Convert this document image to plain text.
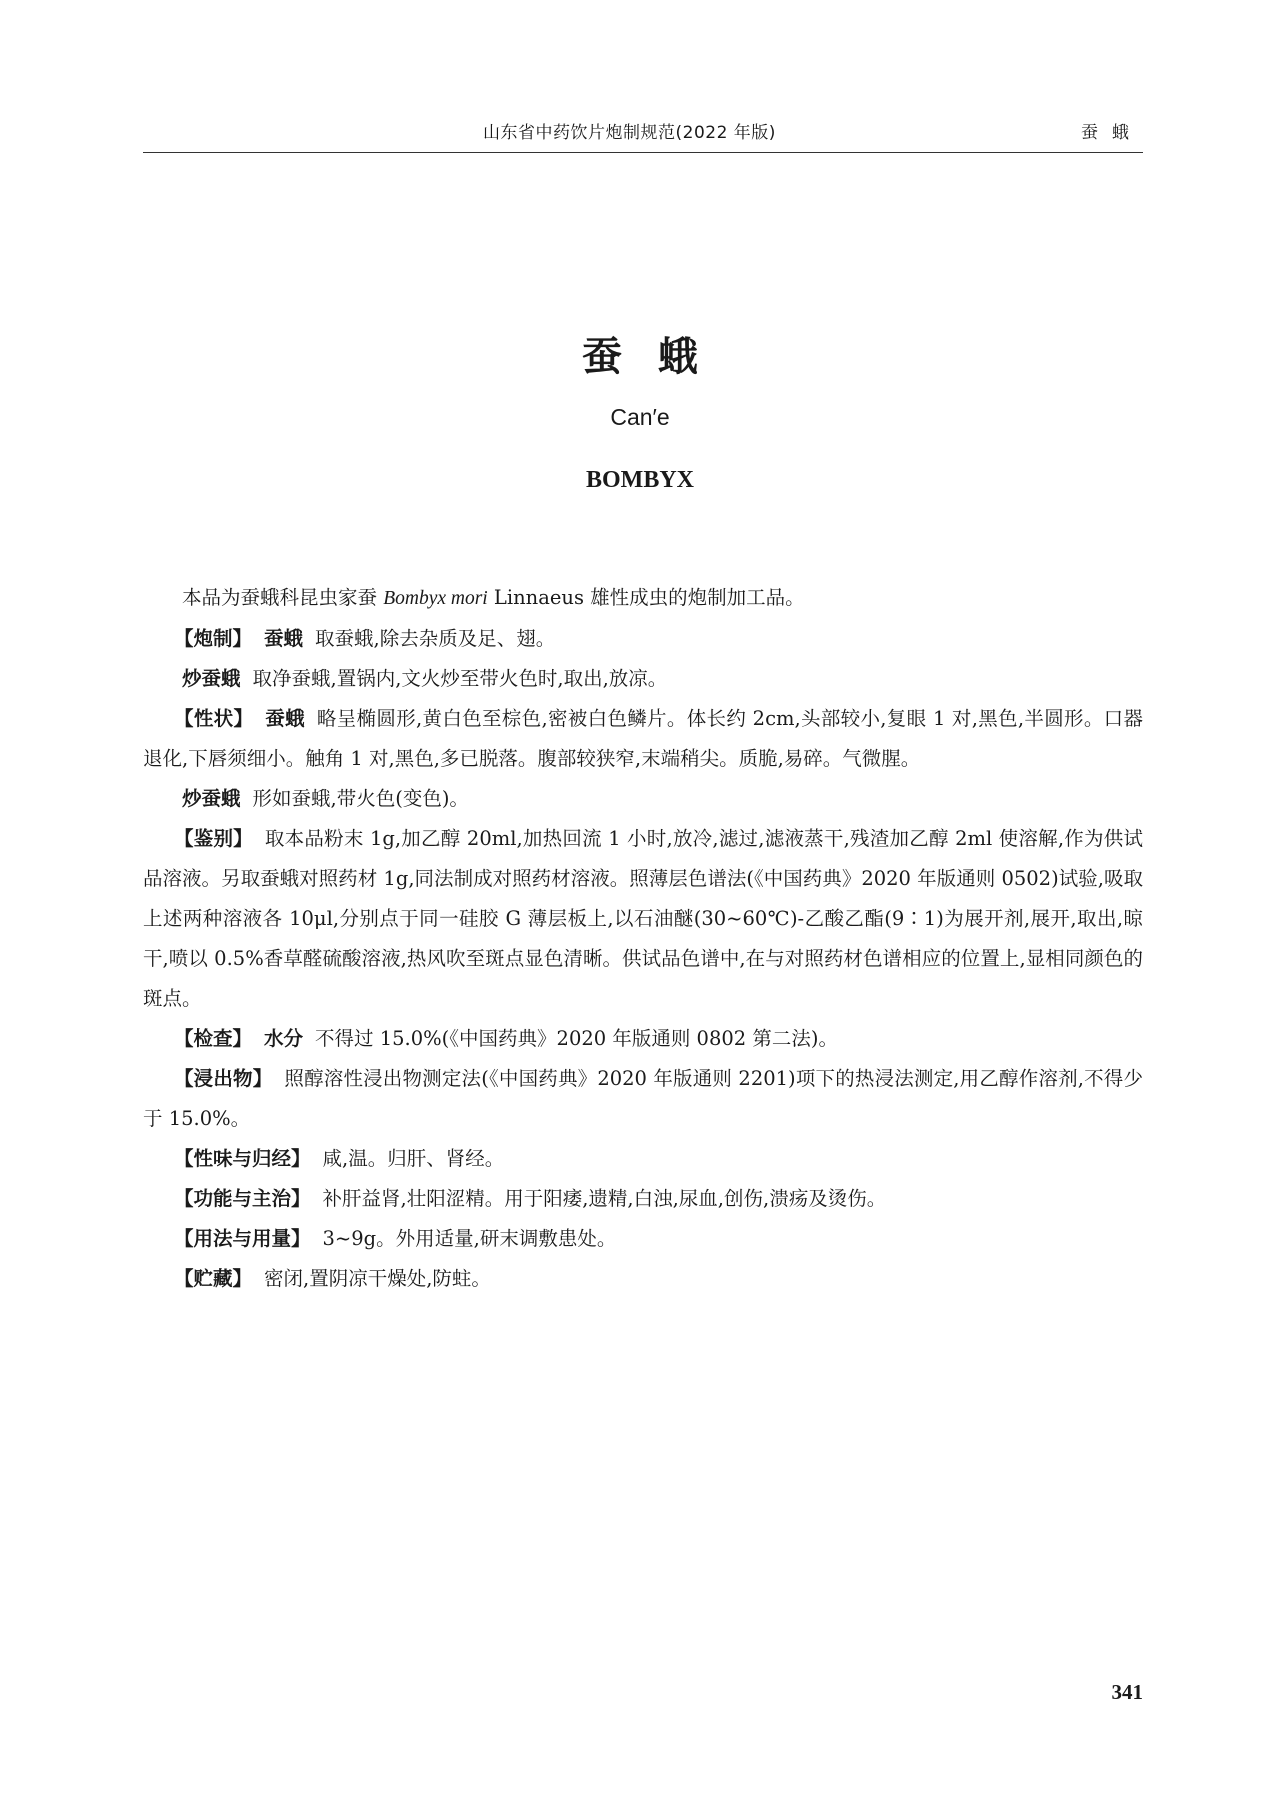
山东省中药饮片炮制规范(2022 年版)	蚕蛾
蚕蛾
Can′e
BOMBYX

本品为蚕蛾科昆虫家蚕 Bombyx mori Linnaeus 雄性成虫的炮制加工品。

【炮制】 蚕蛾 取蚕蛾,除去杂质及足、翅。

炒蚕蛾 取净蚕蛾,置锅内,文火炒至带火色时,取出,放凉。

【性状】 蚕蛾 略呈椭圆形,黄白色至棕色,密被白色鳞片。体长约 2cm,头部较小,复眼 1 对,黑色,半圆形。口器退化,下唇须细小。触角 1 对,黑色,多已脱落。腹部较狭窄,末端稍尖。质脆,易碎。气微腥。

炒蚕蛾 形如蚕蛾,带火色(变色)。

【鉴别】 取本品粉末 1g,加乙醇 20ml,加热回流 1 小时,放冷,滤过,滤液蒸干,残渣加乙醇 2ml 使溶解,作为供试品溶液。另取蚕蛾对照药材 1g,同法制成对照药材溶液。照薄层色谱法(《中国药典》2020 年版通则 0502)试验,吸取上述两种溶液各 10μl,分别点于同一硅胶 G 薄层板上,以石油醚(30~60℃)-乙酸乙酯(9∶1)为展开剂,展开,取出,晾干,喷以 0.5%香草醛硫酸溶液,热风吹至斑点显色清晰。供试品色谱中,在与对照药材色谱相应的位置上,显相同颜色的斑点。

【检查】 水分 不得过 15.0%(《中国药典》2020 年版通则 0802 第二法)。

【浸出物】 照醇溶性浸出物测定法(《中国药典》2020 年版通则 2201)项下的热浸法测定,用乙醇作溶剂,不得少于 15.0%。

【性味与归经】 咸,温。归肝、肾经。

【功能与主治】 补肝益肾,壮阳涩精。用于阳痿,遗精,白浊,尿血,创伤,溃疡及烫伤。

【用法与用量】 3~9g。外用适量,研末调敷患处。

【贮藏】 密闭,置阴凉干燥处,防蛀。

341
